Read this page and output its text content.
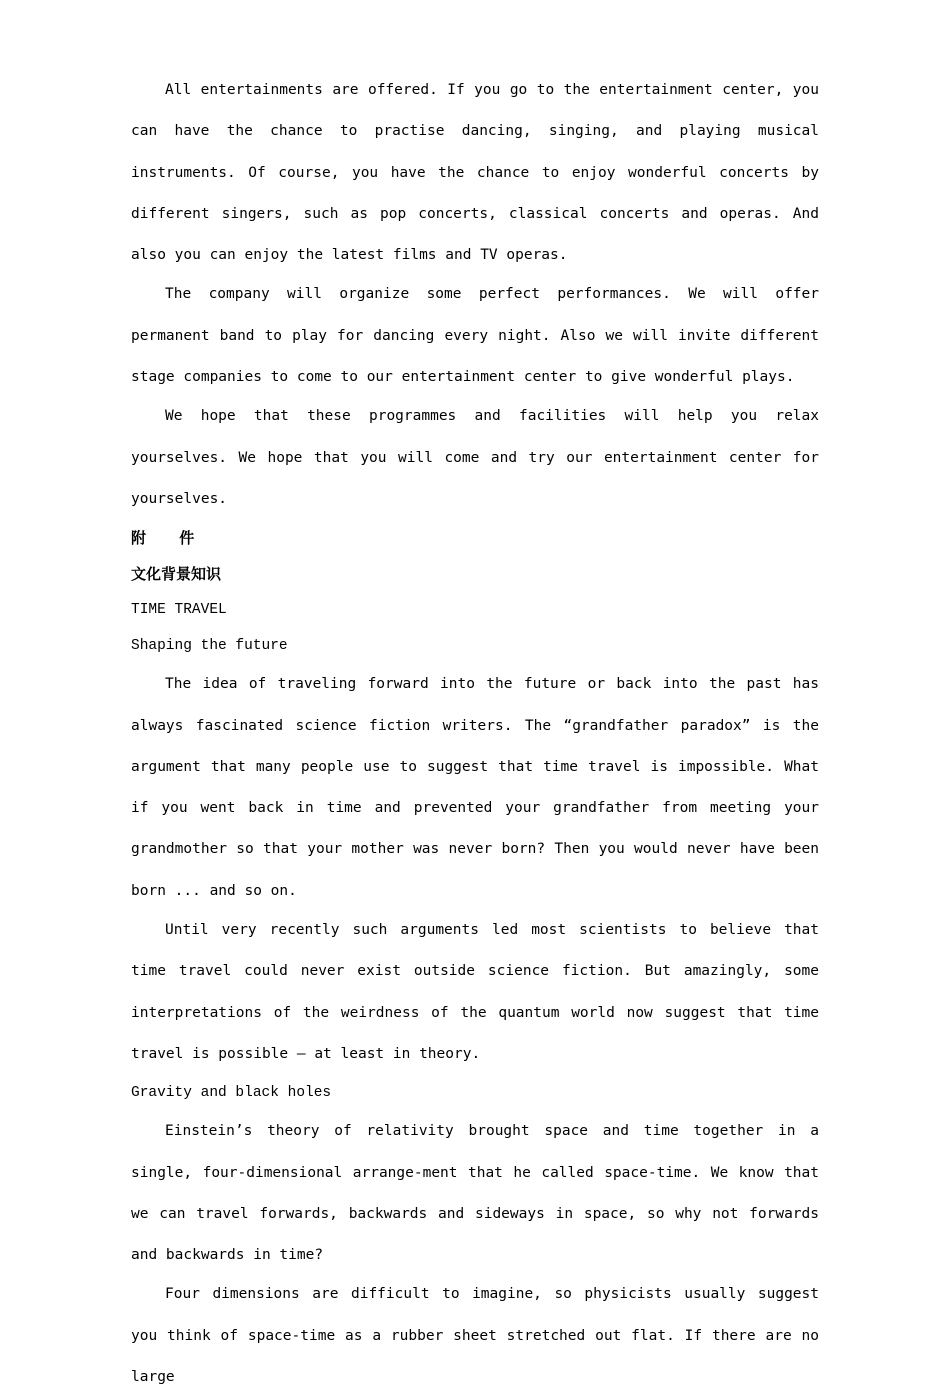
All entertainments are offered. If you go to the entertainment center, you can have the chance to practise dancing, singing, and playing musical instruments. Of course, you have the chance to enjoy wonderful concerts by different singers, such as pop concerts, classical concerts and operas. And also you can enjoy the latest films and TV operas.

The company will organize some perfect performances. We will offer permanent band to play for dancing every night. Also we will invite different stage companies to come to our entertainment center to give wonderful plays.

We hope that these programmes and facilities will help you relax yourselves. We hope that you will come and try our entertainment center for yourselves.

附 件

文化背景知识

TIME TRAVEL

Shaping the future

The idea of traveling forward into the future or back into the past has always fascinated science fiction writers. The “grandfather paradox” is the argument that many people use to suggest that time travel is impossible. What if you went back in time and prevented your grandfather from meeting your grandmother so that your mother was never born? Then you would never have been born ... and so on.

Until very recently such arguments led most scientists to believe that time travel could never exist outside science fiction. But amazingly, some interpretations of the weirdness of the quantum world now suggest that time travel is possible — at least in theory.

Gravity and black holes

Einstein’s theory of relativity brought space and time together in a single, four-dimensional arrange-ment that he called space-time. We know that we can travel forwards, backwards and sideways in space, so why not forwards and backwards in time?

Four dimensions are difficult to imagine, so physicists usually suggest you think of space-time as a rubber sheet stretched out flat. If there are no large
